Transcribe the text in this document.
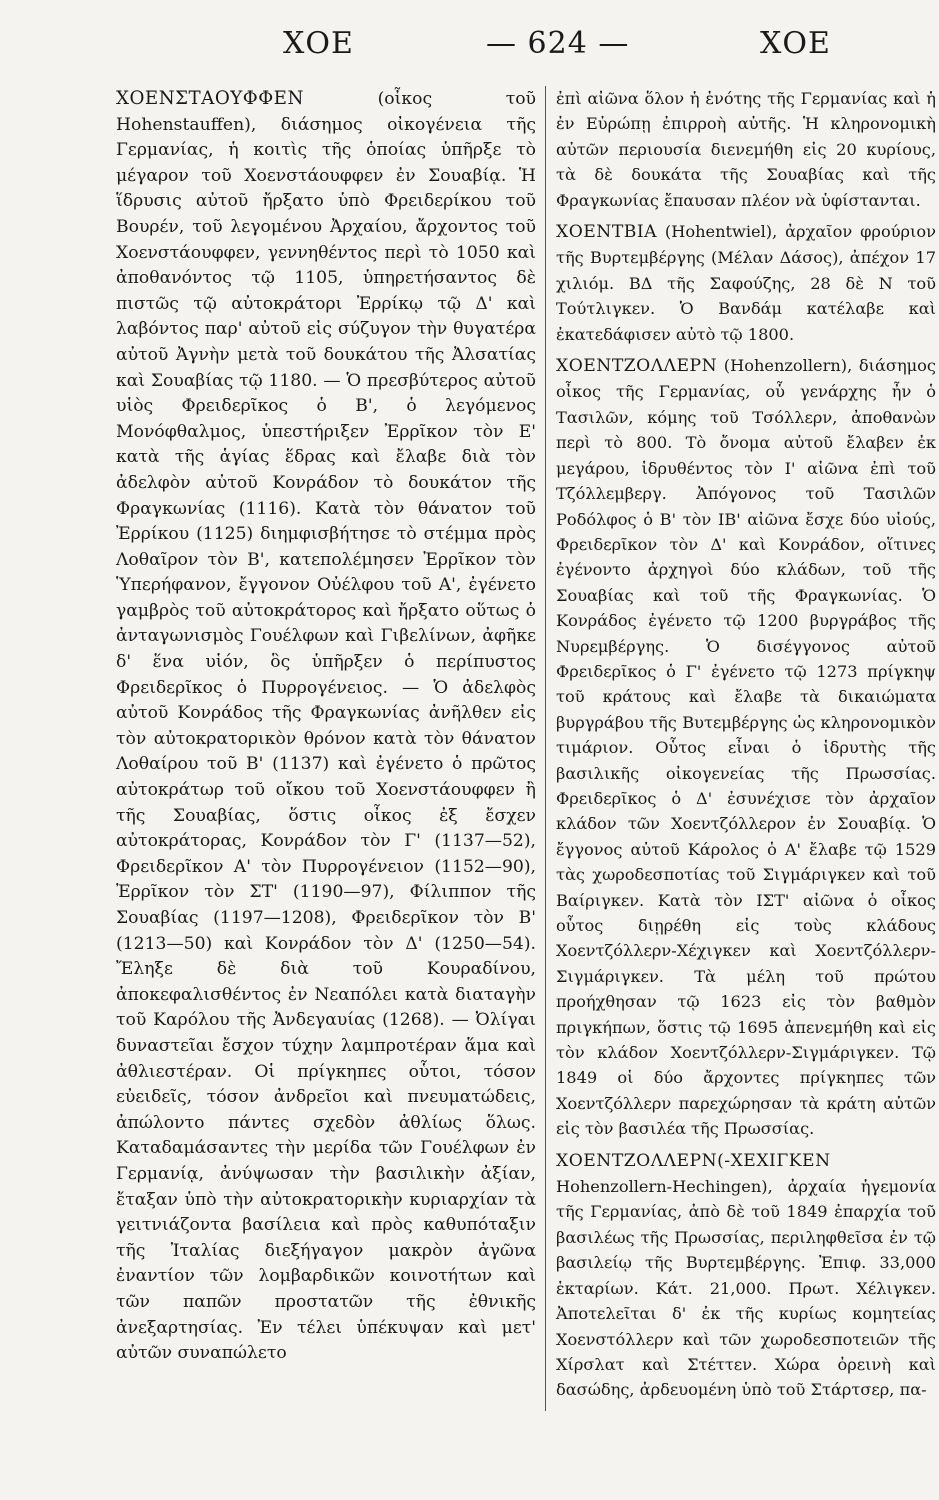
ΧΟΕ	— 624 —	ΧΟΕ

ΧΟΕΝΣΤΑΟΥΦΦΕΝ	(οἶκος τοῦ Hohenstauffen), διάσημος οἰκογένεια τῆς Γερμανίας, ἡ κοιτὶς τῆς ὁποίας ὑπῆρξε τὸ μέγαρον τοῦ Χοενστάουφφεν ἐν Σουαβίᾳ. Ἡ ἵδρυσις αὐτοῦ ἤρξατο ὑπὸ Φρειδερίκου τοῦ Βουρέν, τοῦ λεγομένου Ἀρχαίου, ἄρχοντος τοῦ Χοενστάουφφεν, γεννηθέντος περὶ τὸ 1050 καὶ ἀποθανόντος τῷ 1105, ὑπηρετήσαντος δὲ πιστῶς τῷ αὐτοκράτορι Ἐρρίκῳ τῷ Δ' καὶ λαβόντος παρ' αὐτοῦ εἰς σύζυγον τὴν θυγατέρα αὐτοῦ Ἀγνὴν μετὰ τοῦ δουκάτου τῆς Ἀλσατίας καὶ Σουαβίας τῷ 1180. — Ὁ πρεσβύτερος αὐτοῦ υἱὸς Φρειδερῖκος ὁ Β', ὁ λεγόμενος Μονόφθαλμος, ὑπεστήριξεν Ἐρρῖκον τὸν Ε' κατὰ τῆς ἁγίας ἕδρας καὶ ἔλαβε διὰ τὸν ἀδελφὸν αὐτοῦ Κονράδον τὸ δουκάτον τῆς Φραγκωνίας (1116). Κατὰ τὸν θάνατον τοῦ Ἐρρίκου (1125) διημφισβήτησε τὸ στέμμα πρὸς Λοθαῖρον τὸν Β', κατεπολέμησεν Ἐρρῖκον τὸν Ὑπερήφανον, ἔγγονον Οὐέλφου τοῦ Α', ἐγένετο γαμβρὸς τοῦ αὐτοκράτορος καὶ ἤρξατο οὕτως ὁ ἀνταγωνισμὸς Γουέλφων καὶ Γιβελίνων, ἀφῆκε δ' ἕνα υἱόν, ὃς ὑπῆρξεν ὁ περίπυστος Φρειδερῖκος ὁ Πυρρογένειος. — Ὁ ἀδελφὸς αὐτοῦ Κονράδος τῆς Φραγκωνίας ἀνῆλθεν εἰς τὸν αὐτοκρατορικὸν θρόνον κατὰ τὸν θάνατον Λοθαίρου τοῦ Β' (1137) καὶ ἐγένετο ὁ πρῶτος αὐτοκράτωρ τοῦ οἴκου τοῦ Χοενστάουφφεν ἢ τῆς Σουαβίας, ὅστις οἶκος ἐξ ἔσχεν αὐτοκράτορας, Κονράδον τὸν Γ' (1137—52), Φρειδερῖκον Α' τὸν Πυρρογένειον (1152—90), Ἐρρῖκον τὸν ΣΤ' (1190—97), Φίλιππον τῆς Σουαβίας (1197—1208), Φρειδερῖκον τὸν Β' (1213—50) καὶ Κονράδον τὸν Δ' (1250—54). Ἔληξε δὲ διὰ τοῦ Κουραδίνου, ἀποκεφαλισθέντος ἐν Νεαπόλει κατὰ διαταγὴν τοῦ Καρόλου τῆς Ἀνδεγαυίας (1268). — Ὀλίγαι δυναστεῖαι ἔσχον τύχην λαμπροτέραν ἅμα καὶ ἀθλιεστέραν. Οἱ πρίγκηπες οὗτοι, τόσον εὐειδεῖς, τόσον ἀνδρεῖοι καὶ πνευματώδεις, ἀπώλοντο πάντες σχεδὸν ἀθλίως ὅλως. Καταδαμάσαντες τὴν μερίδα τῶν Γουέλφων ἐν Γερμανίᾳ, ἀνύψωσαν τὴν βασιλικὴν ἀξίαν, ἔταξαν ὑπὸ τὴν αὐτοκρατορικὴν κυριαρχίαν τὰ γειτνιάζοντα βασίλεια καὶ πρὸς καθυπόταξιν τῆς Ἰταλίας διεξήγαγον μακρὸν ἀγῶνα ἐναντίον τῶν λομβαρδικῶν κοινοτήτων καὶ τῶν παπῶν προστατῶν τῆς ἐθνικῆς ἀνεξαρτησίας. Ἐν τέλει ὑπέκυψαν καὶ μετ' αὐτῶν συναπώλετο

ἐπὶ αἰῶνα ὅλον ἡ ἑνότης τῆς Γερμανίας καὶ ἡ ἐν Εὐρώπῃ ἐπιρροὴ αὐτῆς. Ἡ κληρονομικὴ αὐτῶν περιουσία διενεμήθη εἰς 20 κυρίους, τὰ δὲ δουκάτα τῆς Σουαβίας καὶ τῆς Φραγκωνίας ἔπαυσαν πλέον νὰ ὑφίστανται.

ΧΟΕΝΤΒΙΑ (Hohentwiel), ἀρχαῖον φρούριον τῆς Βυρτεμβέργης (Μέλαν Δάσος), ἀπέχον 17 χιλιόμ. ΒΔ τῆς Σαφούζης, 28 δὲ Ν τοῦ Τούτλιγκεν. Ὁ Βανδάμ κατέλαβε καὶ ἐκατεδάφισεν αὐτὸ τῷ 1800.

ΧΟΕΝΤΖΟΛΛΕΡΝ (Hohenzollern), διάσημος οἶκος τῆς Γερμανίας, οὗ γενάρχης ἦν ὁ Τασιλῶν, κόμης τοῦ Τσόλλερν, ἀποθανὼν περὶ τὸ 800. Τὸ ὄνομα αὐτοῦ ἔλαβεν ἐκ μεγάρου, ἱδρυθέντος τὸν Ι' αἰῶνα ἐπὶ τοῦ Τζόλλεμβεργ. Ἀπόγονος τοῦ Τασιλῶν Ροδόλφος ὁ Β' τὸν ΙΒ' αἰῶνα ἔσχε δύο υἱούς, Φρειδερῖκον τὸν Δ' καὶ Κονράδον, οἵτινες ἐγένοντο ἀρχηγοὶ δύο κλάδων, τοῦ τῆς Σουαβίας καὶ τοῦ τῆς Φραγκωνίας. Ὁ Κονράδος ἐγένετο τῷ 1200 βυργράβος τῆς Νυρεμβέργης. Ὁ δισέγγονος αὐτοῦ Φρειδερῖκος ὁ Γ' ἐγένετο τῷ 1273 πρίγκηψ τοῦ κράτους καὶ ἔλαβε τὰ δικαιώματα βυργράβου τῆς Βυτεμβέργης ὡς κληρονομικὸν τιμάριον. Οὗτος εἶναι ὁ ἱδρυτὴς τῆς βασιλικῆς οἰκογενείας τῆς Πρωσσίας. Φρειδερῖκος ὁ Δ' ἐσυνέχισε τὸν ἀρχαῖον κλάδον τῶν Χοεντζόλλερον ἐν Σουαβίᾳ. Ὁ ἔγγονος αὐτοῦ Κάρολος ὁ Α' ἔλαβε τῷ 1529 τὰς χωροδεσποτίας τοῦ Σιγμάριγκεν καὶ τοῦ Βαίριγκεν. Κατὰ τὸν ΙΣΤ' αἰῶνα ὁ οἶκος οὗτος διῃρέθη εἰς τοὺς κλάδους Χοεντζόλλερν-Χέχιγκεν καὶ Χοεντζόλλερν-Σιγμάριγκεν. Τὰ μέλη τοῦ πρώτου προήχθησαν τῷ 1623 εἰς τὸν βαθμὸν πριγκήπων, ὅστις τῷ 1695 ἀπενεμήθη καὶ εἰς τὸν κλάδον Χοεντζόλλερν-Σιγμάριγκεν. Τῷ 1849 οἱ δύο ἄρχοντες πρίγκηπες τῶν Χοεντζόλλερν παρεχώρησαν τὰ κράτη αὐτῶν εἰς τὸν βασιλέα τῆς Πρωσσίας.

ΧΟΕΝΤΖΟΛΛΕΡΝ(-ΧΕΧΙΓΚΕΝ Hohenzollern-Hechingen), ἀρχαία ἡγεμονία τῆς Γερμανίας, ἀπὸ δὲ τοῦ 1849 ἐπαρχία τοῦ βασιλέως τῆς Πρωσσίας, περιληφθεῖσα ἐν τῷ βασιλείῳ τῆς Βυρτεμβέργης. Ἐπιφ. 33,000 ἑκταρίων. Κάτ. 21,000. Πρωτ. Χέλιγκεν. Ἀποτελεῖται δ' ἐκ τῆς κυρίως κομητείας Χοενστόλλερν καὶ τῶν χωροδεσποτειῶν τῆς Χίρσλατ καὶ Στέττεν. Χώρα ὀρεινὴ καὶ δασώδης, ἀρδευομένη ὑπὸ τοῦ Στάρτσερ, πα-
